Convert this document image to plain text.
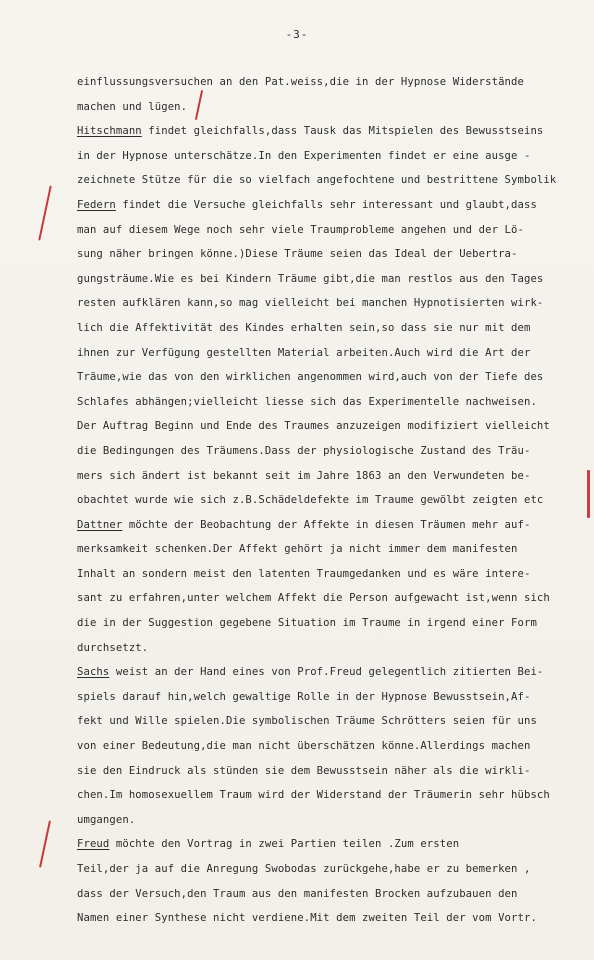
-3-
einflussungsversuchen an den Pat.weiss,die in der Hypnose Widerstände
machen und lügen.
Hitschmann findet gleichfalls,dass Tausk das Mitspielen des Bewusstseins
in der Hypnose unterschätze.In den Experimenten findet er eine ausge -
zeichnete Stütze für die so vielfach angefochtene und bestrittene Symbolik
Federn findet die Versuche gleichfalls sehr interessant und glaubt,dass
man auf diesem Wege noch sehr viele Traumprobleme angehen und der Lö-
sung näher bringen könne.)Diese Träume seien das Ideal der Uebertra-
gungsträume.Wie es bei Kindern Träume gibt,die man restlos aus den Tages
resten aufklären kann,so mag vielleicht bei manchen Hypnotisierten wirk-
lich die Affektivität des Kindes erhalten sein,so dass sie nur mit dem
ihnen zur Verfügung gestellten Material arbeiten.Auch wird die Art der
Träume,wie das von den wirklichen angenommen wird,auch von der Tiefe des
Schlafes abhängen;vielleicht liesse sich das Experimentelle nachweisen.
Der Auftrag Beginn und Ende des Traumes anzuzeigen modifiziert vielleicht
die Bedingungen des Träumens.Dass der physiologische Zustand des Träu-
mers sich ändert ist bekannt seit im Jahre 1863 an den Verwundeten be-
obachtet wurde wie sich z.B.Schädeldefekte im Traume gewölbt zeigten etc
Dattner möchte der Beobachtung der Affekte in diesen Träumen mehr auf-
merksamkeit schenken.Der Affekt gehört ja nicht immer dem manifesten
Inhalt an sondern meist den latenten Traumgedanken und es wäre intere-
sant zu erfahren,unter welchem Affekt die Person aufgewacht ist,wenn sich
die in der Suggestion gegebene Situation im Traume in irgend einer Form
durchsetzt.
Sachs weist an der Hand eines von Prof.Freud gelegentlich zitierten Bei-
spiels darauf hin,welch gewaltige Rolle in der Hypnose Bewusstsein,Af-
fekt und Wille spielen.Die symbolischen Träume Schrötters seien für uns
von einer Bedeutung,die man nicht überschätzen könne.Allerdings machen
sie den Eindruck als stünden sie dem Bewusstsein näher als die wirkli-
chen.Im homosexuellem Traum wird der Widerstand der Träumerin sehr hübsch
umgangen.
Freud möchte den Vortrag in zwei Partien teilen .Zum ersten
Teil,der ja auf die Anregung Swobodas zurückgehe,habe er zu bemerken ,
dass der Versuch,den Traum aus den manifesten Brocken aufzubauen den
Namen einer Synthese nicht verdiene.Mit dem zweiten Teil der vom Vortr.
